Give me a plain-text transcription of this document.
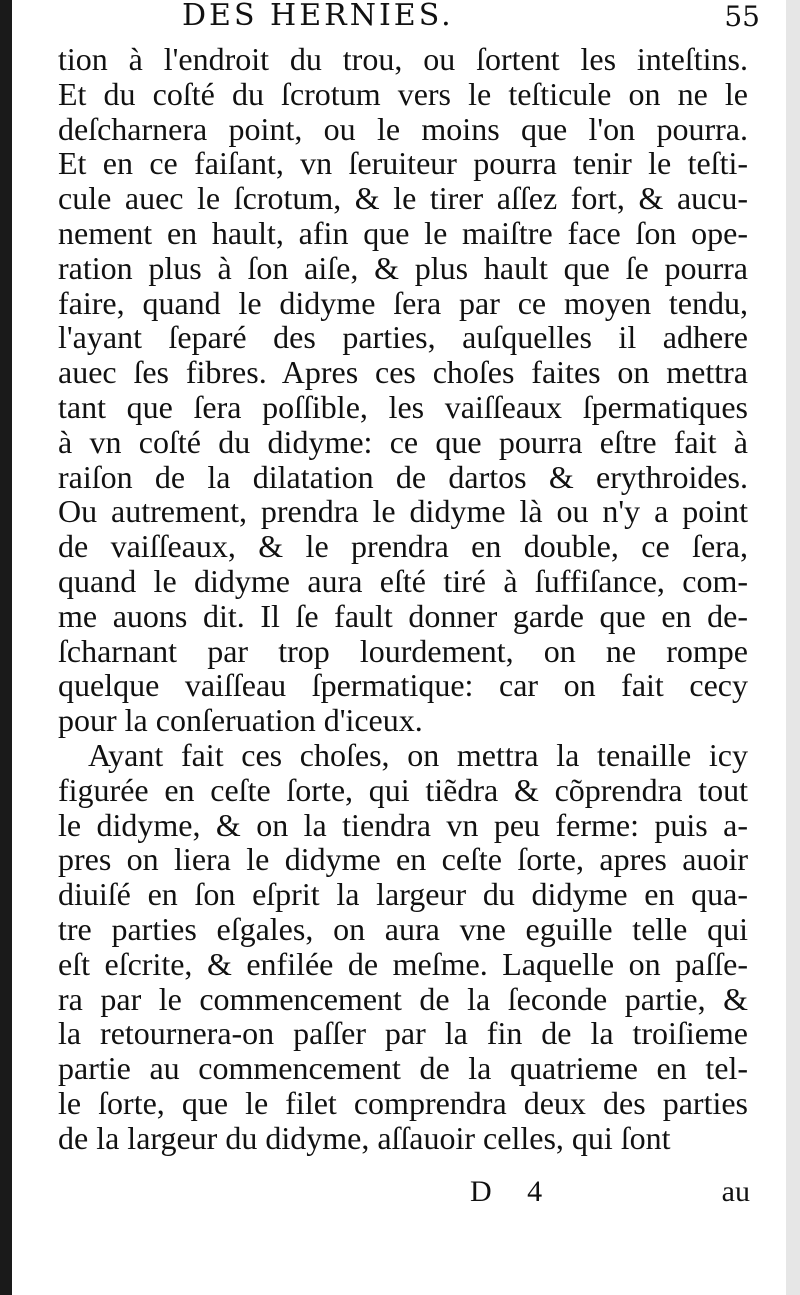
DES HERNIES.	55
tion à l'endroit du trou, ou ſortent les inteſtins.
Et du coſté du ſcrotum vers le teſticule on ne le
deſcharnera point, ou le moins que l'on pourra.
Et en ce faiſant, vn ſeruiteur pourra tenir le teſti-
cule auec le ſcrotum, & le tirer aſſez fort, & aucu-
nement en hault, afin que le maiſtre face ſon ope-
ration plus à ſon aiſe, & plus hault que ſe pourra
faire, quand le didyme ſera par ce moyen tendu,
l'ayant ſeparé des parties, auſquelles il adhere
auec ſes fibres. Apres ces choſes faites on mettra
tant que ſera poſſible, les vaiſſeaux ſpermatiques
à vn coſté du didyme: ce que pourra eſtre fait à
raiſon de la dilatation de dartos & erythroides.
Ou autrement, prendra le didyme là ou n'y a point
de vaiſſeaux, & le prendra en double, ce ſera,
quand le didyme aura eſté tiré à ſuffiſance, com-
me auons dit. Il ſe fault donner garde que en de-
ſcharnant par trop lourdement, on ne rompe
quelque vaiſſeau ſpermatique: car on fait cecy
pour la conſeruation d'iceux.
Ayant fait ces choſes, on mettra la tenaille icy
figurée en ceſte ſorte, qui tiẽdra & cõprendra tout
le didyme, & on la tiendra vn peu ferme: puis a-
pres on liera le didyme en ceſte ſorte, apres auoir
diuiſé en ſon eſprit la largeur du didyme en qua-
tre parties eſgales, on aura vne eguille telle qui
eſt eſcrite, & enfilée de meſme. Laquelle on paſſe-
ra par le commencement de la ſeconde partie, &
la retournera-on paſſer par la fin de la troiſieme
partie au commencement de la quatrieme en tel-
le ſorte, que le filet comprendra deux des parties
de la largeur du didyme, aſſauoir celles, qui ſont
D 4	au
